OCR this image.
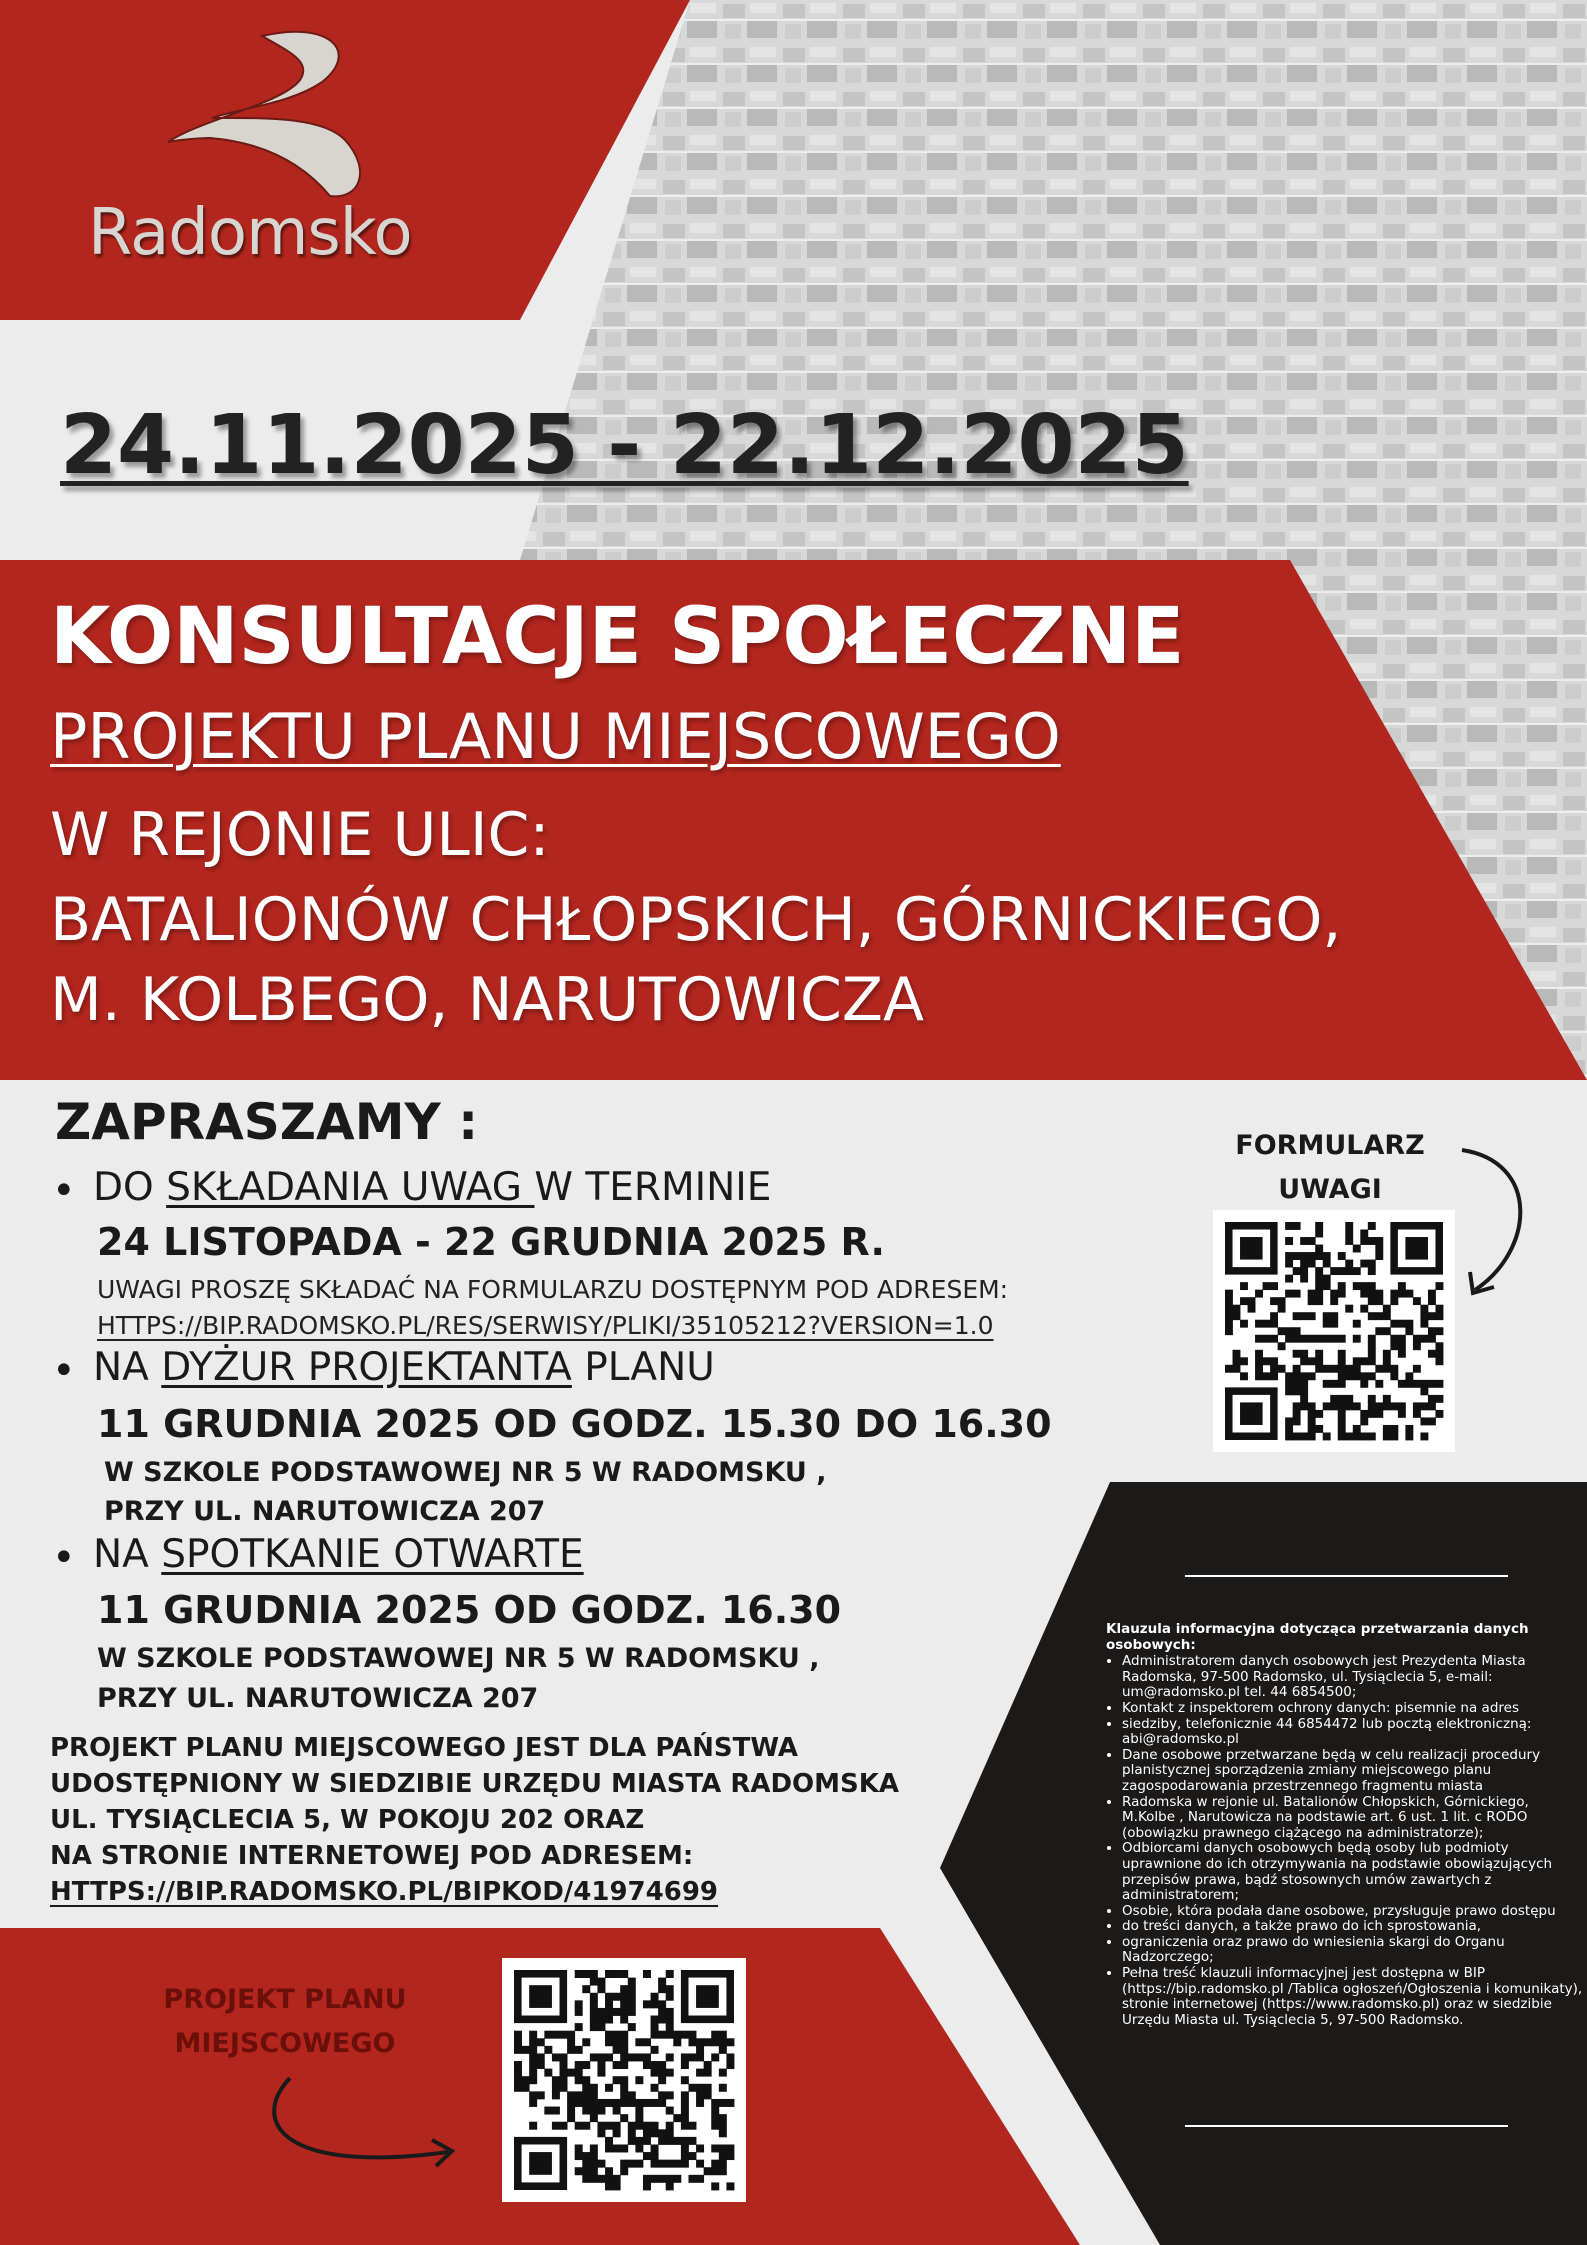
Radomsko
24.11.2025 - 22.12.2025
KONSULTACJE SPOŁECZNE
PROJEKTU PLANU MIEJSCOWEGO
W REJONIE ULIC:
BATALIONÓW CHŁOPSKICH, GÓRNICKIEGO,
M. KOLBEGO, NARUTOWICZA
ZAPRASZAMY :
• DO SKŁADANIA UWAG W TERMINIE
24 LISTOPADA - 22 GRUDNIA 2025 R.
UWAGI PROSZĘ SKŁADAĆ NA FORMULARZU DOSTĘPNYM POD ADRESEM:
HTTPS://BIP.RADOMSKO.PL/RES/SERWISY/PLIKI/35105212?VERSION=1.0
• NA DYŻUR PROJEKTANTA PLANU
11 GRUDNIA 2025 OD GODZ. 15.30 DO 16.30
W SZKOLE PODSTAWOWEJ NR 5 W RADOMSKU ,
PRZY UL. NARUTOWICZA 207
• NA SPOTKANIE OTWARTE
11 GRUDNIA 2025 OD GODZ. 16.30
W SZKOLE PODSTAWOWEJ NR 5 W RADOMSKU ,
PRZY UL. NARUTOWICZA 207
PROJEKT PLANU MIEJSCOWEGO JEST DLA PAŃSTWA
UDOSTĘPNIONY W SIEDZIBIE URZĘDU MIASTA RADOMSKA
UL. TYSIĄCLECIA 5, W POKOJU 202 ORAZ
NA STRONIE INTERNETOWEJ POD ADRESEM:
HTTPS://BIP.RADOMSKO.PL/BIPKOD/41974699
FORMULARZ
UWAGI
PROJEKT PLANU
MIEJSCOWEGO
Klauzula informacyjna dotycząca przetwarzania danych osobowych:
• Administratorem danych osobowych jest Prezydenta Miasta Radomska, 97-500 Radomsko, ul. Tysiąclecia 5, e-mail: um@radomsko.pl tel. 44 6854500;
• Kontakt z inspektorem ochrony danych: pisemnie na adres
• siedziby, telefonicznie 44 6854472 lub pocztą elektroniczną: abi@radomsko.pl
• Dane osobowe przetwarzane będą w celu realizacji procedury planistycznej sporządzenia zmiany miejscowego planu zagospodarowania przestrzennego fragmentu miasta
• Radomska w rejonie ul. Batalionów Chłopskich, Górnickiego, M.Kolbe , Narutowicza na podstawie art. 6 ust. 1 lit. c RODO (obowiązku prawnego ciążącego na administratorze);
• Odbiorcami danych osobowych będą osoby lub podmioty uprawnione do ich otrzymywania na podstawie obowiązujących przepisów prawa, bądź stosownych umów zawartych z administratorem;
• Osobie, która podała dane osobowe, przysługuje prawo dostępu
• do treści danych, a także prawo do ich sprostowania,
• ograniczenia oraz prawo do wniesienia skargi do Organu Nadzorczego;
• Pełna treść klauzuli informacyjnej jest dostępna w BIP (https://bip.radomsko.pl /Tablica ogłoszeń/Ogłoszenia i komunikaty), stronie internetowej (https://www.radomsko.pl) oraz w siedzibie Urzędu Miasta ul. Tysiąclecia 5, 97-500 Radomsko.
